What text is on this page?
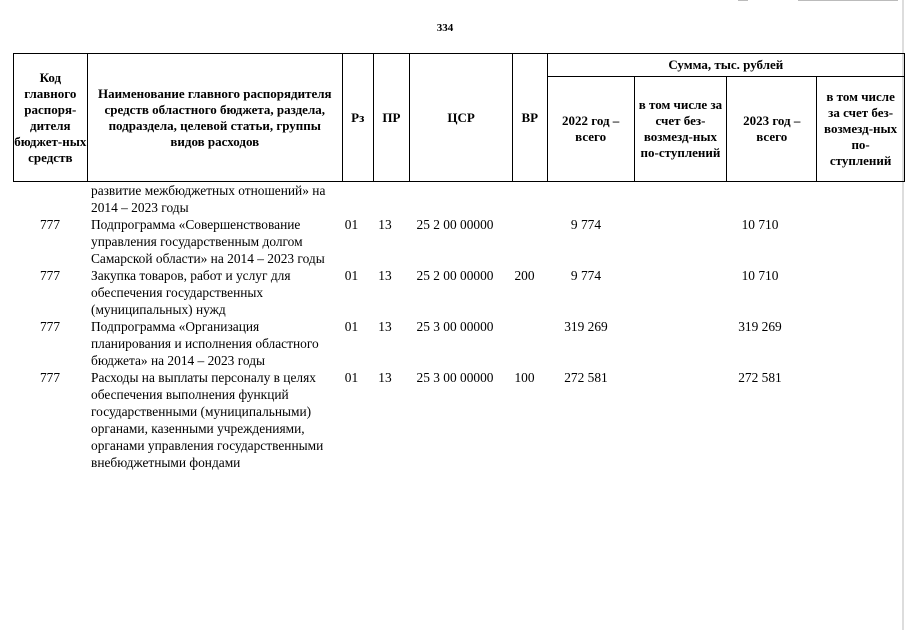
334
Код главного распоря-дителя бюджет-ных средств	Наименование главного распорядителя средств областного бюджета, раздела, подраздела, целевой статьи, группы видов расходов	Рз	ПР	ЦСР	ВР	Сумма, тыс. рублей			
						2022 год – всего	в том числе за счет без-возмезд-ных по-ступлений	2023 год – всего	в том числе за счет без-возмезд-ных по-ступлений
	развитие межбюджетных отношений» на 2014 – 2023 годы								
777	Подпрограмма «Совершенствование управления государственным долгом Самарской области» на 2014 – 2023 годы	01	13	25 2 00 00000		9 774		10 710	
777	Закупка товаров, работ и услуг для обеспечения государственных (муниципальных) нужд	01	13	25 2 00 00000	200	9 774		10 710	
777	Подпрограмма «Организация планирования и исполнения областного бюджета» на 2014 – 2023 годы	01	13	25 3 00 00000		319 269		319 269	
777	Расходы на выплаты персоналу в целях обеспечения выполнения функций государственными (муниципальными) органами, казенными учреждениями, органами управления государственными внебюджетными фондами	01	13	25 3 00 00000	100	272 581		272 581	
